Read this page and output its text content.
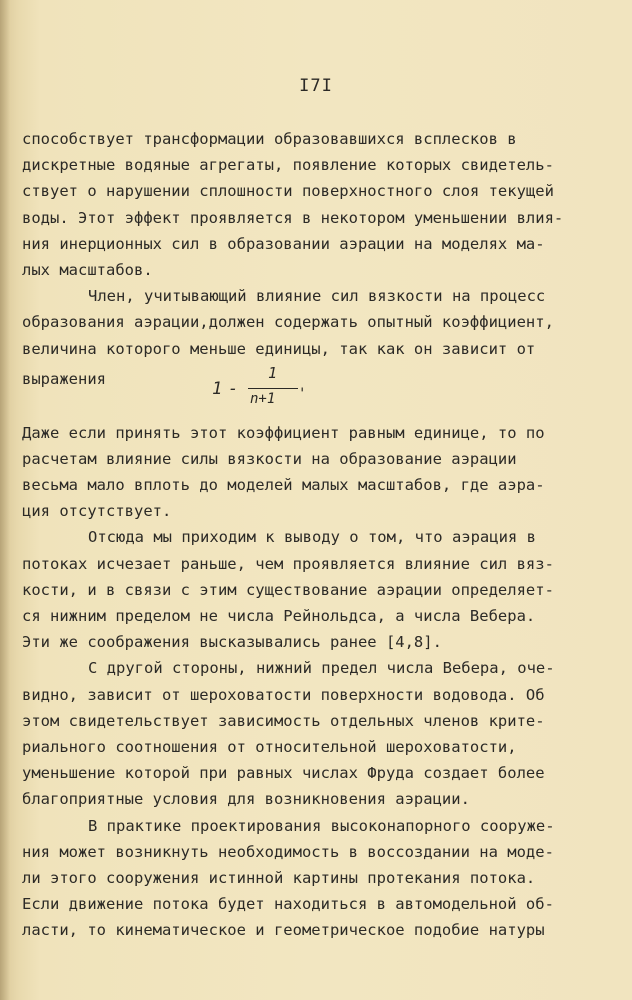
I7I
способствует трансформации образовавшихся всплесков в
дискретные водяные агрегаты, появление которых свидетель-
ствует о нарушении сплошности поверхностного слоя текущей
воды. Этот эффект проявляется в некотором уменьшении влия-
ния инерционных сил в образовании аэрации на моделях ма-
лых масштабов.
Член, учитывающий влияние сил вязкости на процесс
образования аэрации,должен содержать опытный коэффициент,
величина которого меньше единицы, так как он зависит от
выражения	1 -
1
n+1 '
Даже если принять этот коэффициент равным единице, то по
расчетам влияние силы вязкости на образование аэрации
весьма мало вплоть до моделей малых масштабов, где аэра-
ция отсутствует.
Отсюда мы приходим к выводу о том, что аэрация в
потоках исчезает раньше, чем проявляется влияние сил вяз-
кости, и в связи с этим существование аэрации определяет-
ся нижним пределом не числа Рейнольдса, а числа Вебера.
Эти же соображения высказывались ранее [4,8].
С другой стороны, нижний предел числа Вебера, оче-
видно, зависит от шероховатости поверхности водовода. Об
этом свидетельствует зависимость отдельных членов крите-
риального соотношения от относительной шероховатости,
уменьшение которой при равных числах Фруда создает более
благоприятные условия для возникновения аэрации.
В практике проектирования высоконапорного сооруже-
ния может возникнуть необходимость в воссоздании на моде-
ли этого сооружения истинной картины протекания потока.
Если движение потока будет находиться в автомодельной об-
ласти, то кинематическое и геометрическое подобие натуры
